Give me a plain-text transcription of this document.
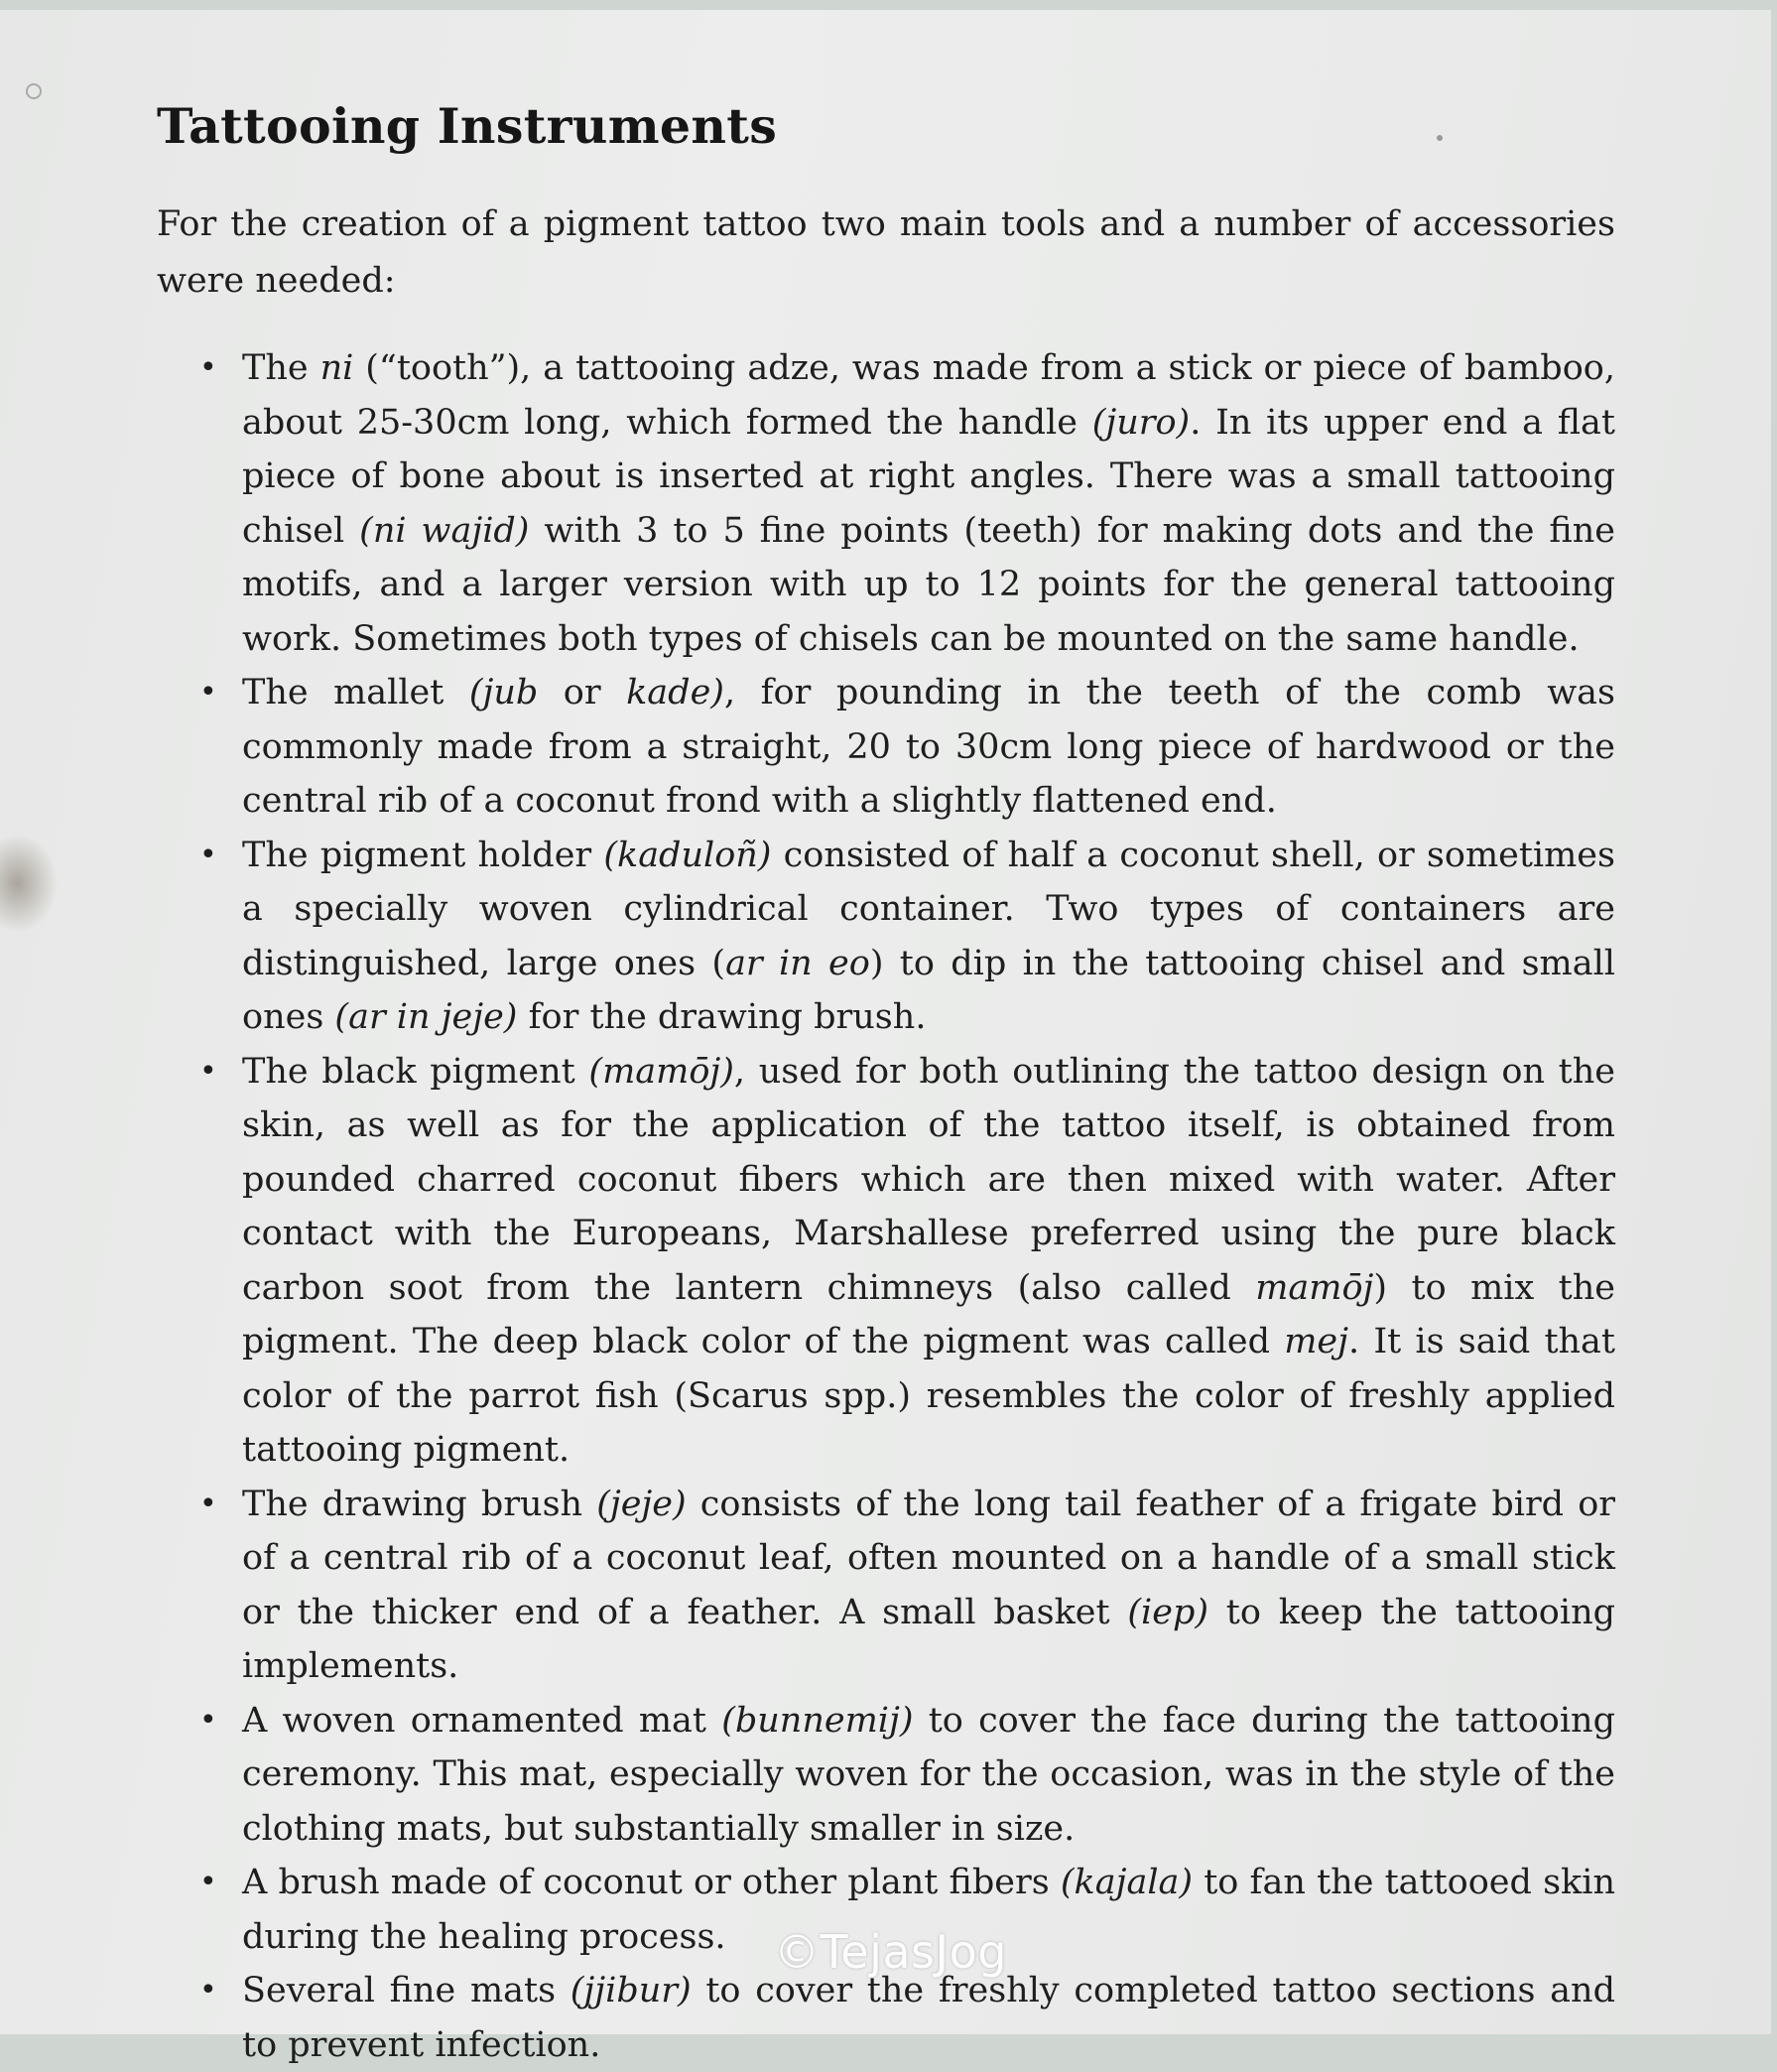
Tattooing Instruments

For the creation of a pigment tattoo two main tools and a number of accessories were needed:

• The ni (“tooth”), a tattooing adze, was made from a stick or piece of bamboo, about 25-30cm long, which formed the handle (juro). In its upper end a flat piece of bone about is inserted at right angles. There was a small tattooing chisel (ni wajid) with 3 to 5 fine points (teeth) for making dots and the fine motifs, and a larger version with up to 12 points for the general tattooing work. Sometimes both types of chisels can be mounted on the same handle.
• The mallet (jub or kade), for pounding in the teeth of the comb was commonly made from a straight, 20 to 30cm long piece of hardwood or the central rib of a coconut frond with a slightly flattened end.
• The pigment holder (kaduloñ) consisted of half a coconut shell, or sometimes a specially woven cylindrical container. Two types of containers are distinguished, large ones (ar in eo) to dip in the tattooing chisel and small ones (ar in jeje) for the drawing brush.
• The black pigment (mamōj), used for both outlining the tattoo design on the skin, as well as for the application of the tattoo itself, is obtained from pounded charred coconut fibers which are then mixed with water. After contact with the Europeans, Marshallese preferred using the pure black carbon soot from the lantern chimneys (also called mamōj) to mix the pigment. The deep black color of the pigment was called mej. It is said that color of the parrot fish (Scarus spp.) resembles the color of freshly applied tattooing pigment.
• The drawing brush (jeje) consists of the long tail feather of a frigate bird or of a central rib of a coconut leaf, often mounted on a handle of a small stick or the thicker end of a feather. A small basket (iep) to keep the tattooing implements.
• A woven ornamented mat (bunnemij) to cover the face during the tattooing ceremony. This mat, especially woven for the occasion, was in the style of the clothing mats, but substantially smaller in size.
• A brush made of coconut or other plant fibers (kajala) to fan the tattooed skin during the healing process.
• Several fine mats (jjibur) to cover the freshly completed tattoo sections and to prevent infection.
©TejasJog
